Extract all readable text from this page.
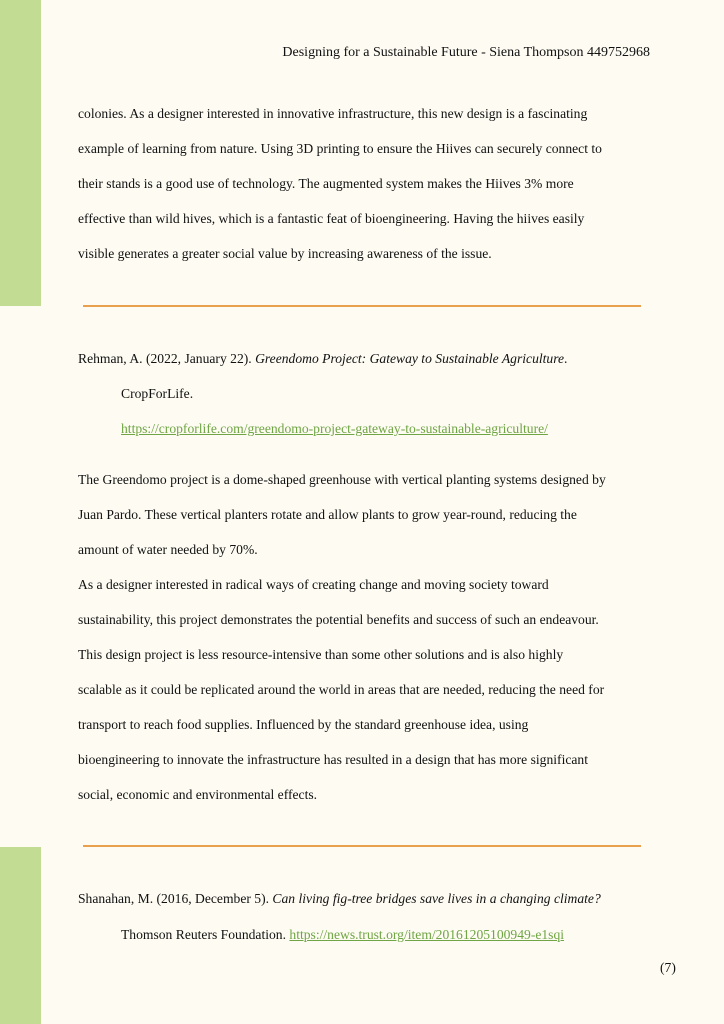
Designing for a Sustainable Future - Siena Thompson 449752968

colonies. As a designer interested in innovative infrastructure, this new design is a fascinating
example of learning from nature. Using 3D printing to ensure the Hiives can securely connect to
their stands is a good use of technology. The augmented system makes the Hiives 3% more
effective than wild hives, which is a fantastic feat of bioengineering. Having the hiives easily
visible generates a greater social value by increasing awareness of the issue.

Rehman, A. (2022, January 22). Greendomo Project: Gateway to Sustainable Agriculture.
CropForLife.
https://cropforlife.com/greendomo-project-gateway-to-sustainable-agriculture/

The Greendomo project is a dome-shaped greenhouse with vertical planting systems designed by
Juan Pardo. These vertical planters rotate and allow plants to grow year-round, reducing the
amount of water needed by 70%.
As a designer interested in radical ways of creating change and moving society toward
sustainability, this project demonstrates the potential benefits and success of such an endeavour.
This design project is less resource-intensive than some other solutions and is also highly
scalable as it could be replicated around the world in areas that are needed, reducing the need for
transport to reach food supplies. Influenced by the standard greenhouse idea, using
bioengineering to innovate the infrastructure has resulted in a design that has more significant
social, economic and environmental effects.

Shanahan, M. (2016, December 5). Can living fig-tree bridges save lives in a changing climate?
Thomson Reuters Foundation. https://news.trust.org/item/20161205100949-e1sqi
(7)
